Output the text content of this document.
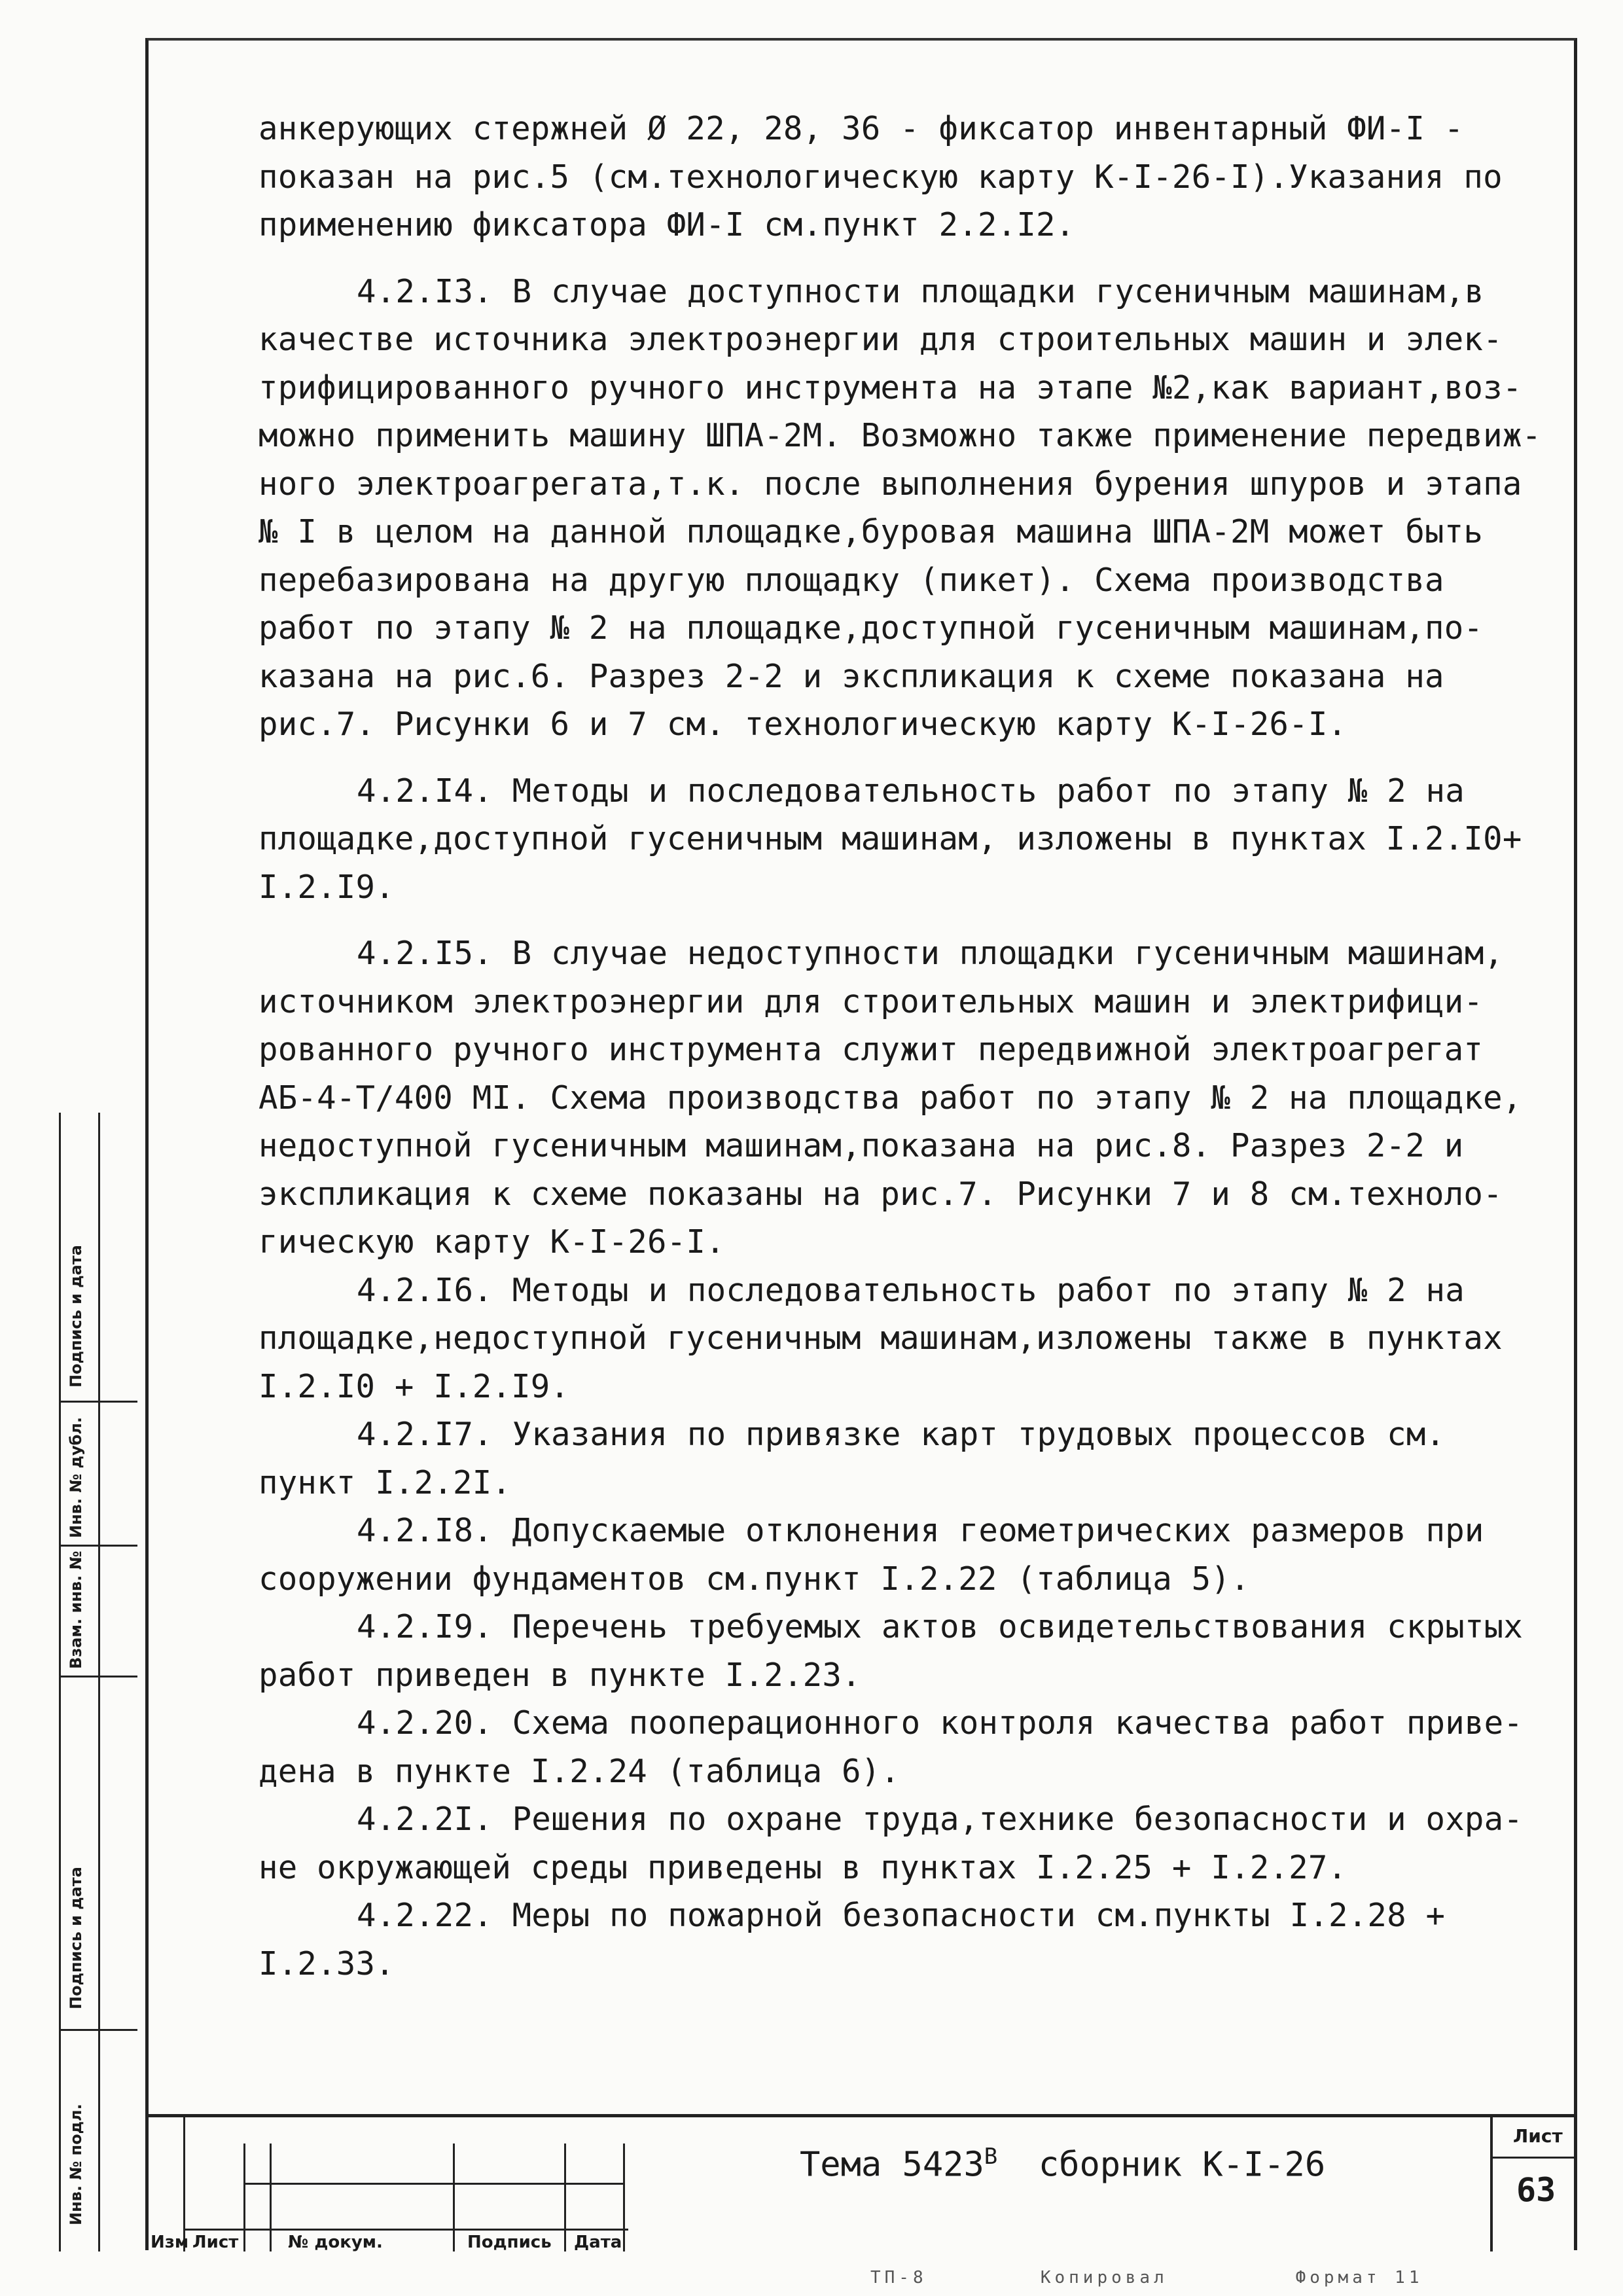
анкерующих стержней Ø 22, 28, 36 - фиксатор инвентарный ФИ-I -

показан на рис.5 (см.технологическую карту К-I-26-I).Указания по

применению фиксатора ФИ-I см.пункт 2.2.I2.

4.2.I3. В случае доступности площадки гусеничным машинам,в

качестве источника электроэнергии для строительных машин и элек-

трифицированного ручного инструмента на этапе №2,как вариант,воз-

можно применить машину ШПА-2М. Возможно также применение передвиж-

ного электроагрегата,т.к. после выполнения бурения шпуров и этапа

№ I в целом на данной площадке,буровая машина ШПА-2М может быть

перебазирована на другую площадку (пикет). Схема производства

работ по этапу № 2 на площадке,доступной гусеничным машинам,по-

казана на рис.6. Разрез 2-2 и экспликация к схеме показана на

рис.7. Рисунки 6 и 7 см. технологическую карту К-I-26-I.

4.2.I4. Методы и последовательность работ по этапу № 2 на

площадке,доступной гусеничным машинам, изложены в пунктах I.2.I0+

I.2.I9.

4.2.I5. В случае недоступности площадки гусеничным машинам,

источником электроэнергии для строительных машин и электрифици-

рованного ручного инструмента служит передвижной электроагрегат

АБ-4-Т/400 МI. Схема производства работ по этапу № 2 на площадке,

недоступной гусеничным машинам,показана на рис.8. Разрез 2-2 и

экспликация к схеме показаны на рис.7. Рисунки 7 и 8 см.техноло-

гическую карту К-I-26-I.

4.2.I6. Методы и последовательность работ по этапу № 2 на

площадке,недоступной гусеничным машинам,изложены также в пунктах

I.2.I0 + I.2.I9.

4.2.I7. Указания по привязке карт трудовых процессов см.

пункт I.2.2I.

4.2.I8. Допускаемые отклонения геометрических размеров при

сооружении фундаментов см.пункт I.2.22 (таблица 5).

4.2.I9. Перечень требуемых актов освидетельствования скрытых

работ приведен в пункте I.2.23.

4.2.20. Схема пооперационного контроля качества работ приве-

дена в пункте I.2.24 (таблица 6).

4.2.2I. Решения по охране труда,технике безопасности и охра-

не окружающей среды приведены в пунктах I.2.25 + I.2.27.

4.2.22. Меры по пожарной безопасности см.пункты I.2.28 +

I.2.33.

Изм Лист	№ докум.	Подпись Дата
Тема $5423^В$  сборник К-I-26
Лист
63
Инв. № подл.
Подпись и дата
Взам. инв. №
Инв. № дубл.
Подпись и дата
ТП-8        Копировал         Формат 11
